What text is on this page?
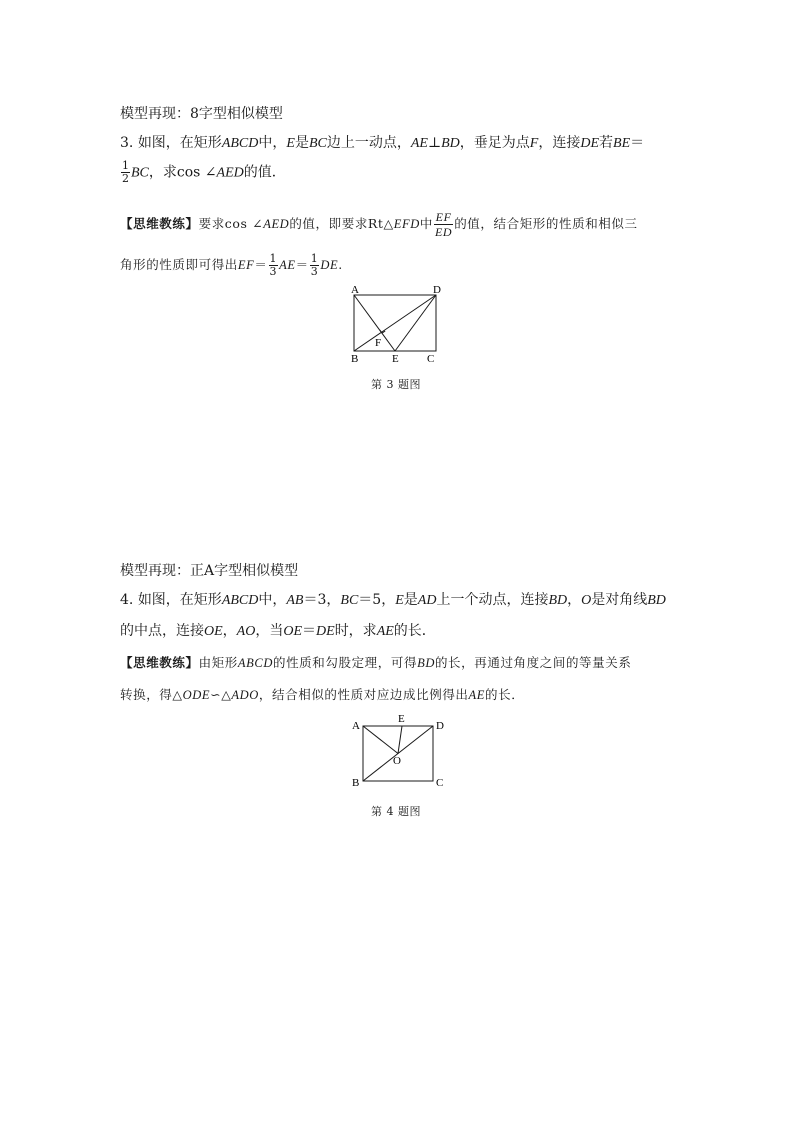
模型再现：8字型相似模型
3. 如图，在矩形ABCD中，E是BC边上一动点，AE⊥BD，垂足为点F，连接DE若BE＝
$\frac{1}{2}$ BC，求cos ∠AED的值．
【思维教练】要求cos ∠AED的值，即要求Rt△EFD中 $\frac{EF}{ED}$ 的值，结合矩形的性质和相似三
角形的性质即可得出$EF= \frac{1}{3} AE= \frac{1}{3}$ DE.
A	D
B	E	C
F
第 3 题图
模型再现：正A字型相似模型
4. 如图，在矩形ABCD中，AB＝3，BC＝5，E是AD上一个动点，连接BD，O是对角线BD
的中点，连接OE，AO，当OE＝DE时，求AE的长．
【思维教练】由矩形ABCD的性质和勾股定理，可得BD的长，再通过角度之间的等量关系
转换，得△ODE∽△ADO，结合相似的性质对应边成比例得出AE的长．
A
E
D
O
B	C
第 4 题图
